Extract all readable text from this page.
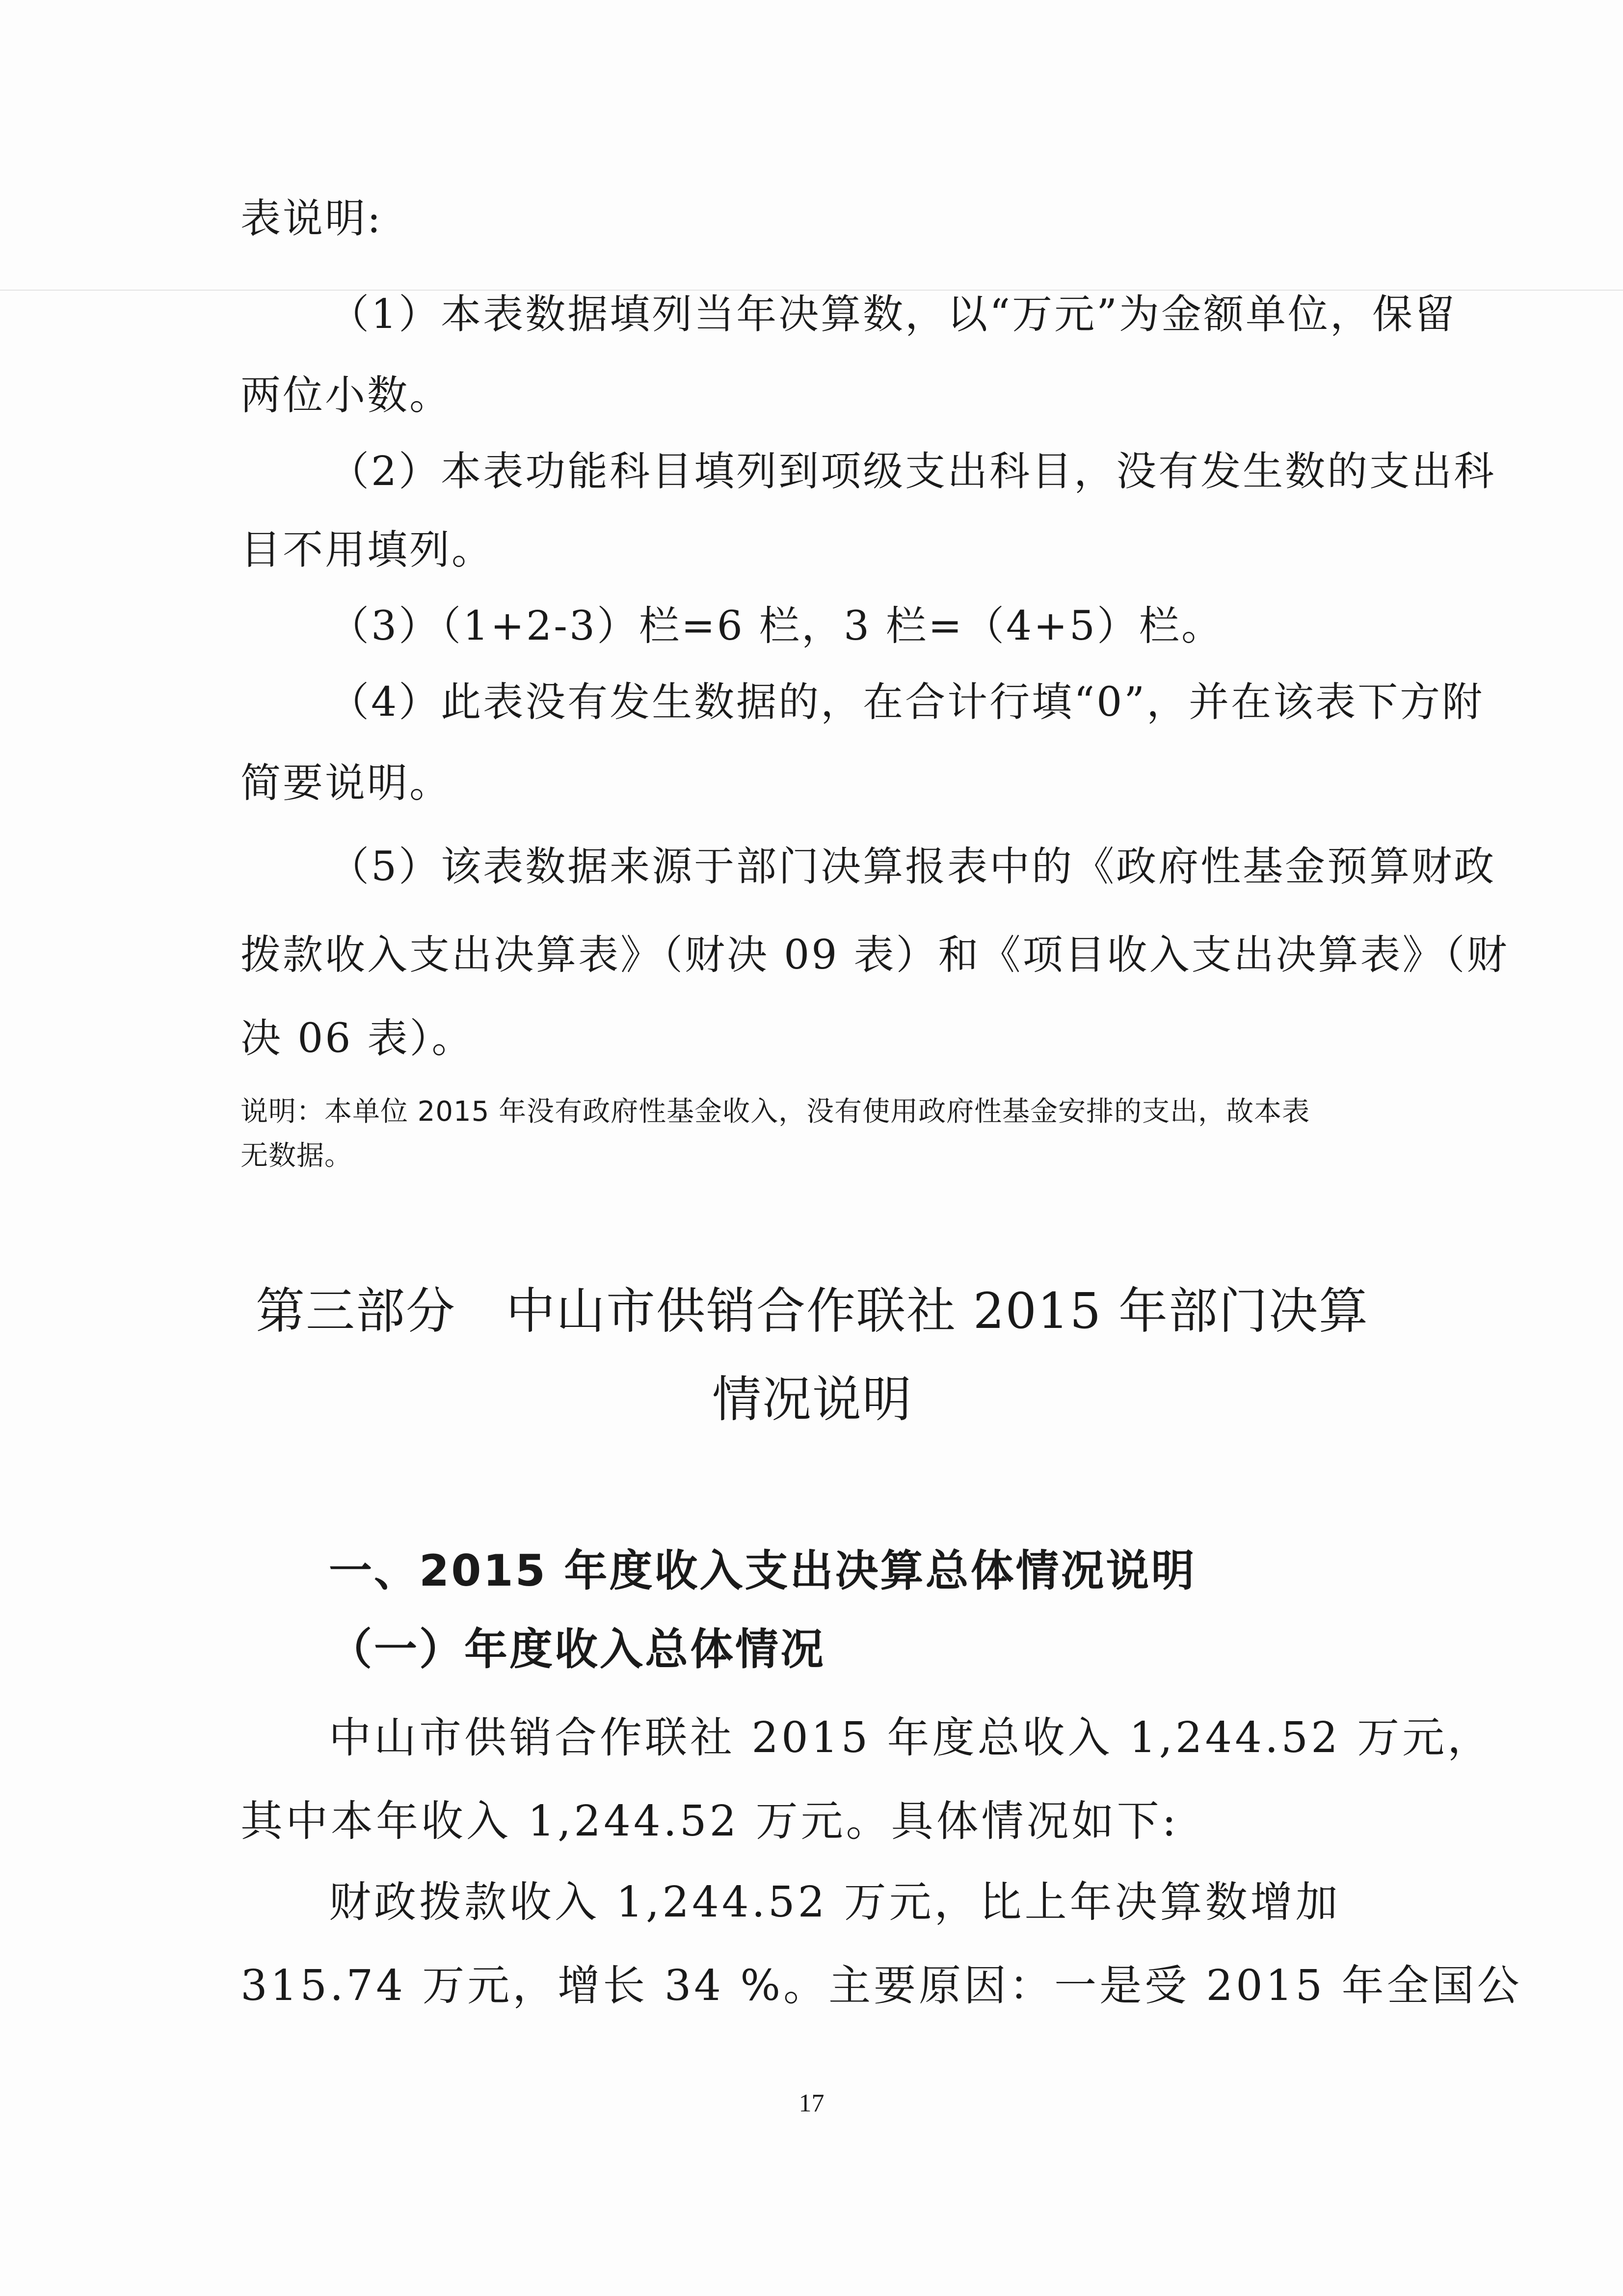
表说明:

（1）本表数据填列当年决算数，以“万元”为金额单位，保留

两位小数。

（2）本表功能科目填列到项级支出科目，没有发生数的支出科

目不用填列。

（3）（1+2-3）栏=6 栏，3 栏=（4+5）栏。

（4）此表没有发生数据的，在合计行填“0”，并在该表下方附

简要说明。

（5）该表数据来源于部门决算报表中的《政府性基金预算财政

拨款收入支出决算表》（财决 09 表）和《项目收入支出决算表》（财

决 06 表）。

说明：本单位 2015 年没有政府性基金收入，没有使用政府性基金安排的支出，故本表

无数据。

第三部分　中山市供销合作联社 2015 年部门决算
情况说明
一、2015 年度收入支出决算总体情况说明
（一）年度收入总体情况

中山市供销合作联社 2015 年度总收入 1,244.52 万元，

其中本年收入 1,244.52 万元。具体情况如下:

财政拨款收入 1,244.52 万元，比上年决算数增加

315.74 万元，增长 34 %。主要原因：一是受 2015 年全国公

17
